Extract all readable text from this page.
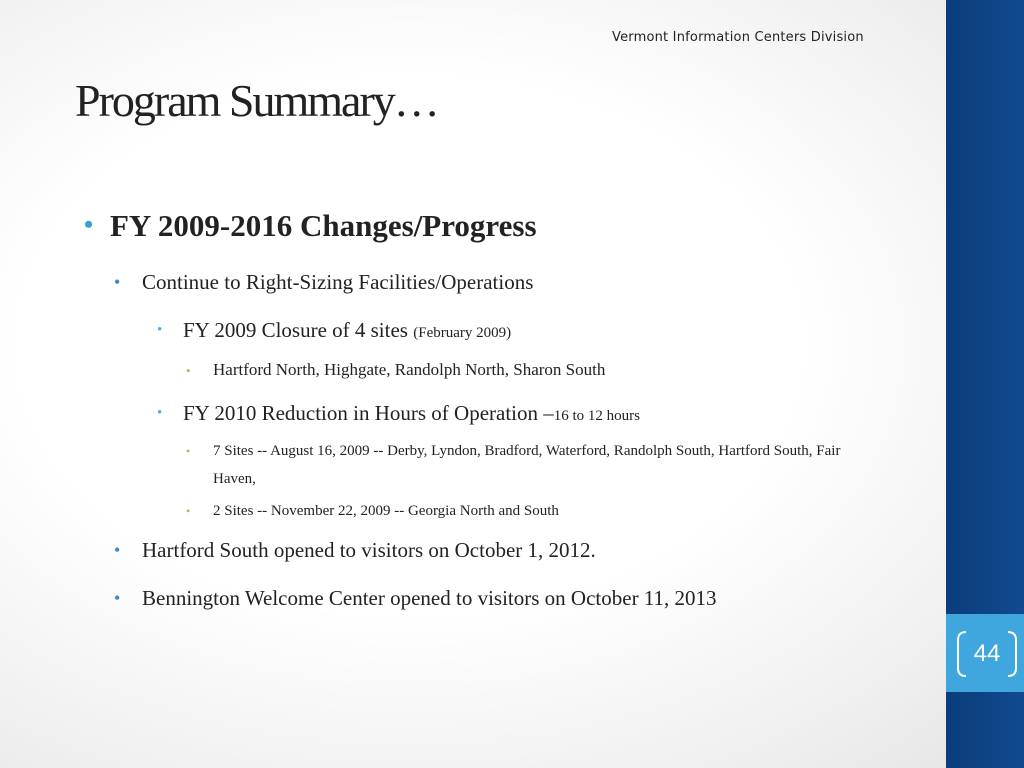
Vermont Information Centers Division
Program Summary…
• FY 2009-2016 Changes/Progress
• Continue to Right-Sizing Facilities/Operations
• FY 2009 Closure of 4 sites (February 2009)
• Hartford North, Highgate, Randolph North, Sharon South
• FY 2010 Reduction in Hours of Operation –16 to 12 hours
• 7 Sites -- August 16, 2009 -- Derby, Lyndon, Bradford, Waterford, Randolph South, Hartford South, Fair Haven,
• 2 Sites -- November 22, 2009 -- Georgia North and South
• Hartford South opened to visitors on October 1, 2012.
• Bennington Welcome Center opened to visitors on October 11, 2013
44
